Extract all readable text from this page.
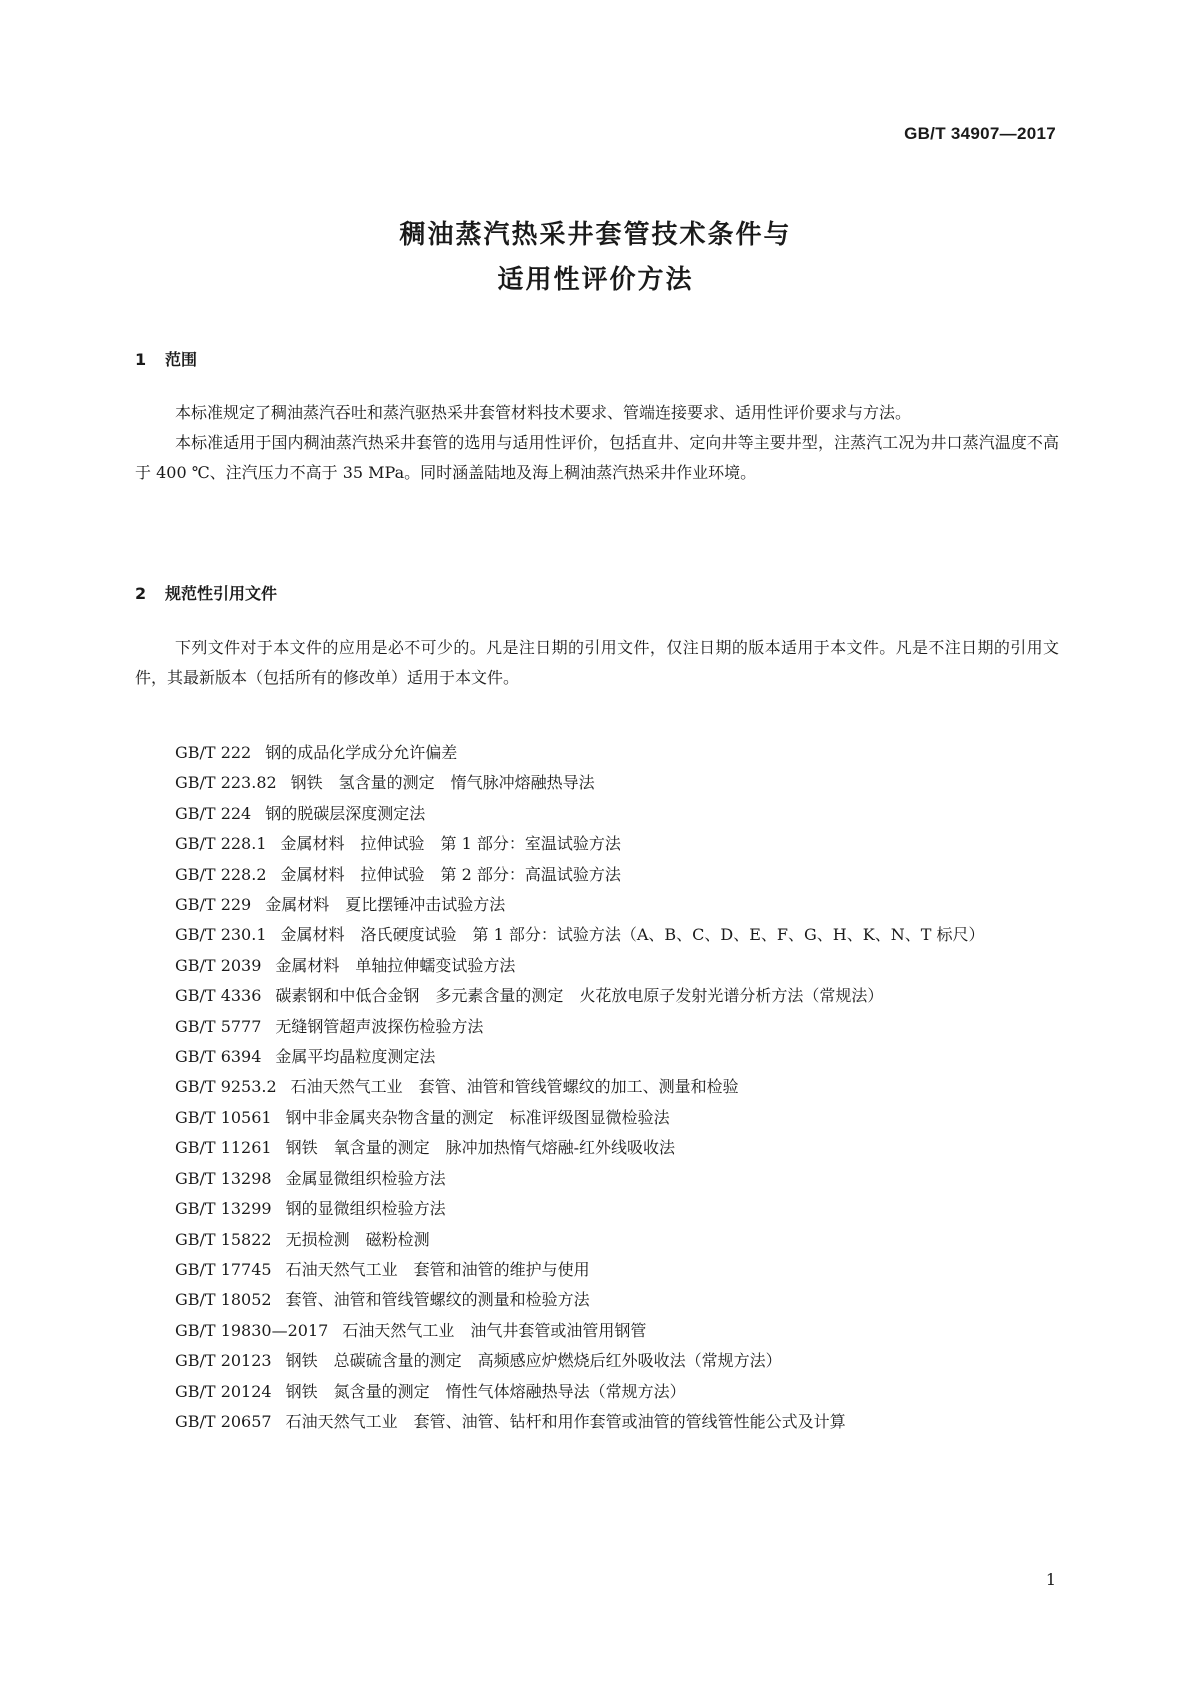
GB/T 34907—2017
稠油蒸汽热采井套管技术条件与
适用性评价方法
1 范围

本标准规定了稠油蒸汽吞吐和蒸汽驱热采井套管材料技术要求、管端连接要求、适用性评价要求与方法。

本标准适用于国内稠油蒸汽热采井套管的选用与适用性评价，包括直井、定向井等主要井型，注蒸汽工况为井口蒸汽温度不高于 400 ℃、注汽压力不高于 35 MPa。同时涵盖陆地及海上稠油蒸汽热采井作业环境。

2 规范性引用文件

下列文件对于本文件的应用是必不可少的。凡是注日期的引用文件，仅注日期的版本适用于本文件。凡是不注日期的引用文件，其最新版本（包括所有的修改单）适用于本文件。

GB/T 222 钢的成品化学成分允许偏差
GB/T 223.82 钢铁　氢含量的测定　惰气脉冲熔融热导法
GB/T 224 钢的脱碳层深度测定法
GB/T 228.1 金属材料　拉伸试验　第 1 部分：室温试验方法
GB/T 228.2 金属材料　拉伸试验　第 2 部分：高温试验方法
GB/T 229 金属材料　夏比摆锤冲击试验方法
GB/T 230.1 金属材料　洛氏硬度试验　第 1 部分：试验方法（A、B、C、D、E、F、G、H、K、N、T 标尺）
GB/T 2039 金属材料　单轴拉伸蠕变试验方法
GB/T 4336 碳素钢和中低合金钢　多元素含量的测定　火花放电原子发射光谱分析方法（常规法）
GB/T 5777 无缝钢管超声波探伤检验方法
GB/T 6394 金属平均晶粒度测定法
GB/T 9253.2 石油天然气工业　套管、油管和管线管螺纹的加工、测量和检验
GB/T 10561 钢中非金属夹杂物含量的测定　标准评级图显微检验法
GB/T 11261 钢铁　氧含量的测定　脉冲加热惰气熔融-红外线吸收法
GB/T 13298 金属显微组织检验方法
GB/T 13299 钢的显微组织检验方法
GB/T 15822 无损检测　磁粉检测
GB/T 17745 石油天然气工业　套管和油管的维护与使用
GB/T 18052 套管、油管和管线管螺纹的测量和检验方法
GB/T 19830—2017 石油天然气工业　油气井套管或油管用钢管
GB/T 20123 钢铁　总碳硫含量的测定　高频感应炉燃烧后红外吸收法（常规方法）
GB/T 20124 钢铁　氮含量的测定　惰性气体熔融热导法（常规方法）
GB/T 20657 石油天然气工业　套管、油管、钻杆和用作套管或油管的管线管性能公式及计算
1
